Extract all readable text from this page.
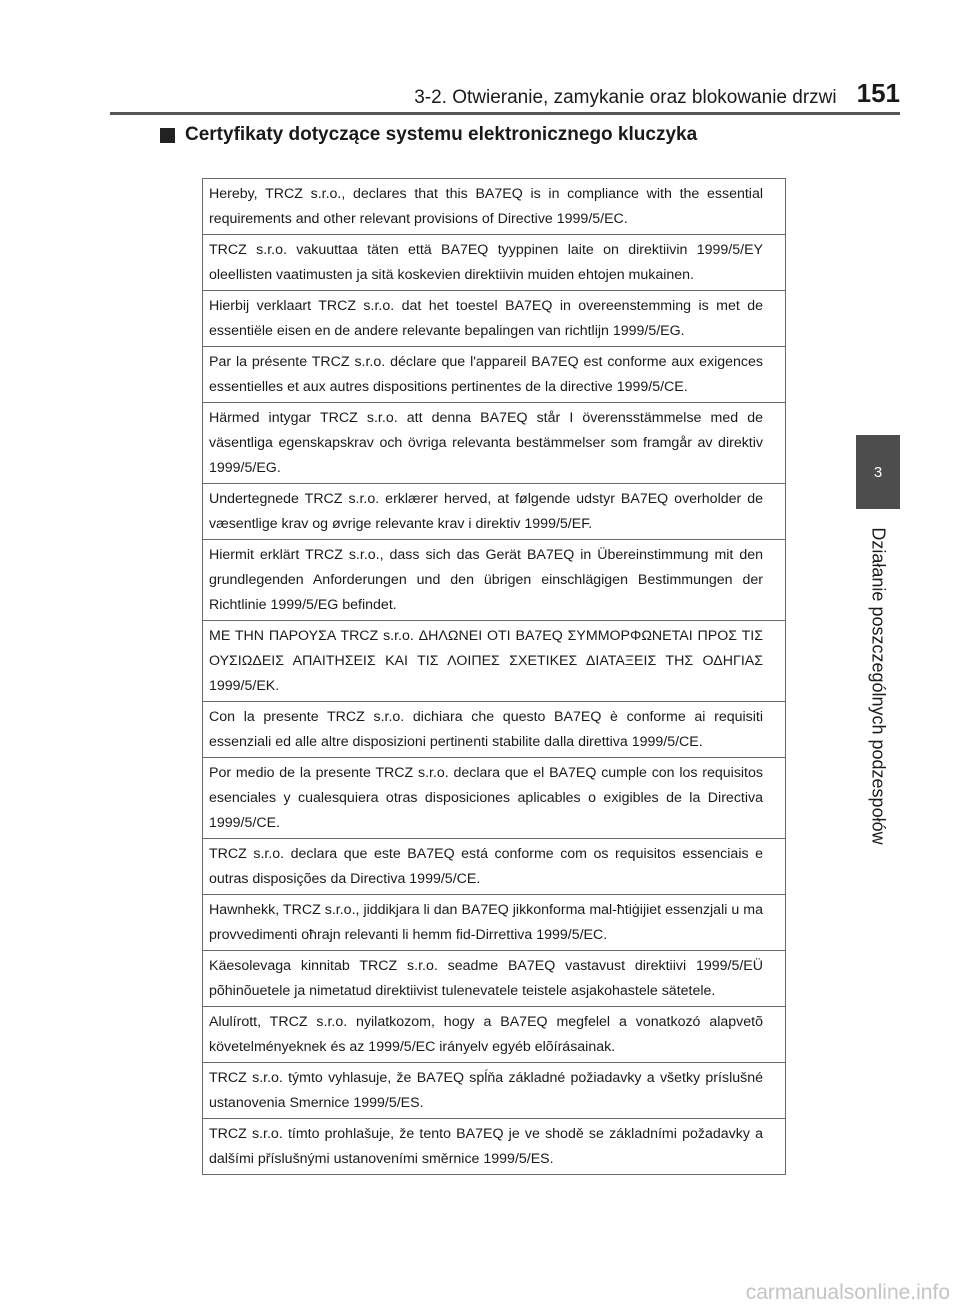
3-2. Otwieranie, zamykanie oraz blokowanie drzwi 151
Certyfikaty dotyczące systemu elektronicznego kluczyka
Hereby, TRCZ s.r.o., declares that this BA7EQ is in compliance with the essential requirements and other relevant provisions of Directive 1999/5/EC.
TRCZ s.r.o. vakuuttaa täten että BA7EQ tyyppinen laite on direktiivin 1999/5/EY oleellisten vaatimusten ja sitä koskevien direktiivin muiden ehtojen mukainen.
Hierbij verklaart TRCZ s.r.o. dat het toestel BA7EQ in overeenstemming is met de essentiële eisen en de andere relevante bepalingen van richtlijn 1999/5/EG.
Par la présente TRCZ s.r.o. déclare que l'appareil BA7EQ est conforme aux exigences essentielles et aux autres dispositions pertinentes de la directive 1999/5/CE.
Härmed intygar TRCZ s.r.o. att denna BA7EQ står I överensstämmelse med de väsentliga egenskapskrav och övriga relevanta bestämmelser som framgår av direktiv 1999/5/EG.
Undertegnede TRCZ s.r.o. erklærer herved, at følgende udstyr BA7EQ overholder de væsentlige krav og øvrige relevante krav i direktiv 1999/5/EF.
Hiermit erklärt TRCZ s.r.o., dass sich das Gerät BA7EQ in Übereinstimmung mit den grundlegenden Anforderungen und den übrigen einschlägigen Bestimmungen der Richtlinie 1999/5/EG befindet.
ΜΕ ΤΗΝ ΠΑΡΟΥΣΑ TRCZ s.r.o. ΔΗΛΩΝΕΙ ΟΤΙ BA7EQ ΣΥΜΜΟΡΦΩΝΕΤΑΙ ΠΡΟΣ ΤΙΣ ΟΥΣΙΩΔΕΙΣ ΑΠΑΙΤΗΣΕΙΣ ΚΑΙ ΤΙΣ ΛΟΙΠΕΣ ΣΧΕΤΙΚΕΣ ΔΙΑΤΑΞΕΙΣ ΤΗΣ ΟΔΗΓΙΑΣ 1999/5/ΕΚ.
Con la presente TRCZ s.r.o. dichiara che questo BA7EQ è conforme ai requisiti essenziali ed alle altre disposizioni pertinenti stabilite dalla direttiva 1999/5/CE.
Por medio de la presente TRCZ s.r.o. declara que el BA7EQ cumple con los requisitos esenciales y cualesquiera otras disposiciones aplicables o exigibles de la Directiva 1999/5/CE.
TRCZ s.r.o. declara que este BA7EQ está conforme com os requisitos essenciais e outras disposições da Directiva 1999/5/CE.
Hawnhekk, TRCZ s.r.o., jiddikjara li dan BA7EQ jikkonforma mal-ħtiġijiet essenzjali u ma provvedimenti oħrajn relevanti li hemm fid-Dirrettiva 1999/5/EC.
Käesolevaga kinnitab TRCZ s.r.o. seadme BA7EQ vastavust direktiivi 1999/5/EÜ põhinõuetele ja nimetatud direktiivist tulenevatele teistele asjakohastele sätetele.
Alulírott, TRCZ s.r.o. nyilatkozom, hogy a BA7EQ megfelel a vonatkozó alapvetõ követelményeknek és az 1999/5/EC irányelv egyéb elõírásainak.
TRCZ s.r.o. týmto vyhlasuje, že BA7EQ spĺňa základné požiadavky a všetky príslušné ustanovenia Smernice 1999/5/ES.
TRCZ s.r.o. tímto prohlašuje, že tento BA7EQ je ve shodě se základními požadavky a dalšími příslušnými ustanoveními směrnice 1999/5/ES.
3
Działanie poszczególnych podzespołów
carmanualsonline.info
